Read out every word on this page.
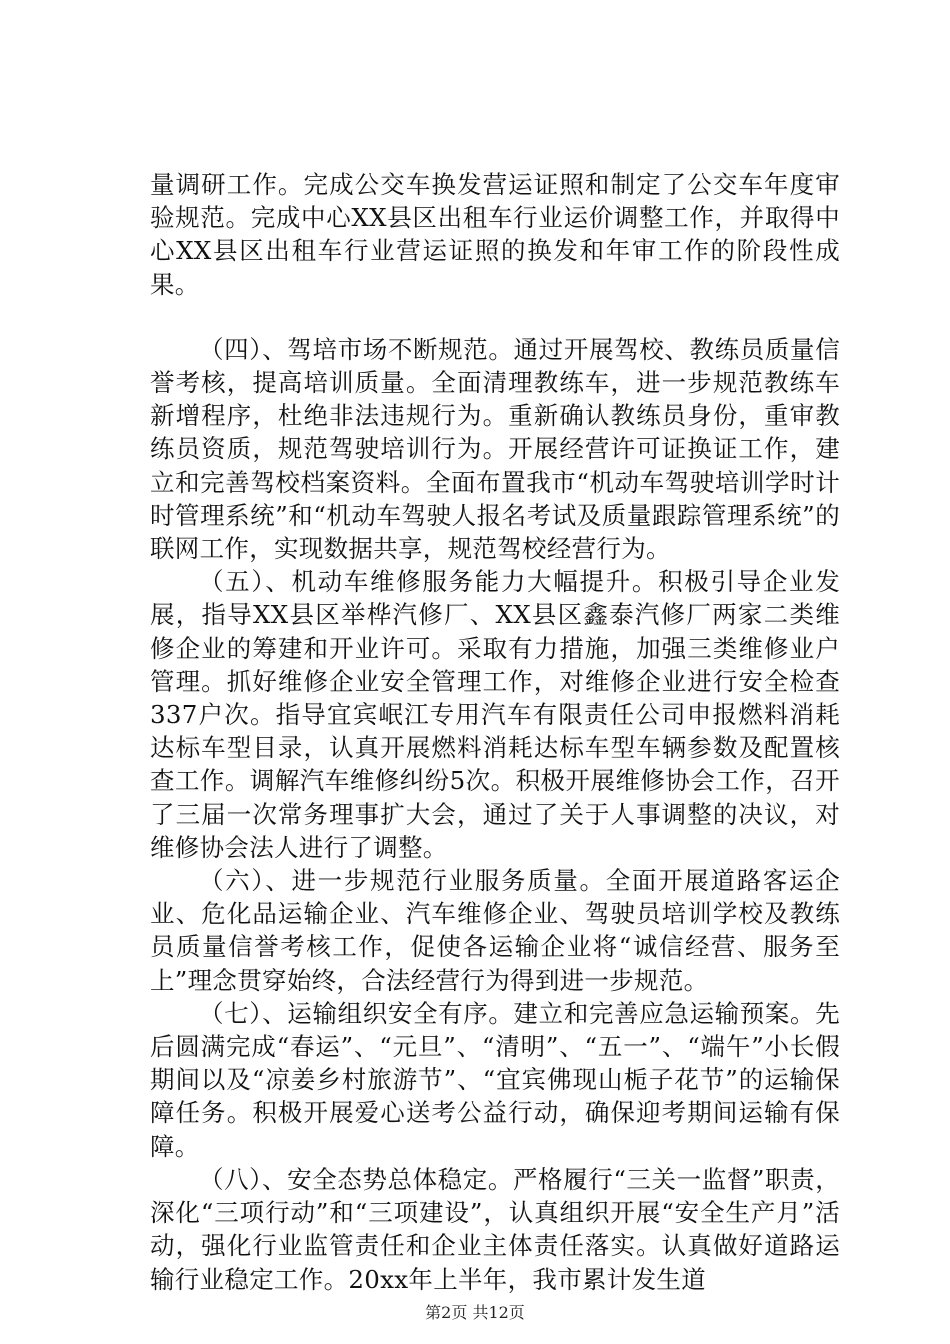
量调研工作。完成公交车换发营运证照和制定了公交车年度审验规范。完成中心XX县区出租车行业运价调整工作，并取得中心XX县区出租车行业营运证照的换发和年审工作的阶段性成果。

（四）、驾培市场不断规范。通过开展驾校、教练员质量信誉考核，提高培训质量。全面清理教练车，进一步规范教练车新增程序，杜绝非法违规行为。重新确认教练员身份，重审教练员资质，规范驾驶培训行为。开展经营许可证换证工作，建立和完善驾校档案资料。全面布置我市“机动车驾驶培训学时计时管理系统”和“机动车驾驶人报名考试及质量跟踪管理系统”的联网工作，实现数据共享，规范驾校经营行为。

（五）、机动车维修服务能力大幅提升。积极引导企业发展，指导XX县区举桦汽修厂、XX县区鑫泰汽修厂两家二类维修企业的筹建和开业许可。采取有力措施，加强三类维修业户管理。抓好维修企业安全管理工作，对维修企业进行安全检查337户次。指导宜宾岷江专用汽车有限责任公司申报燃料消耗达标车型目录，认真开展燃料消耗达标车型车辆参数及配置核查工作。调解汽车维修纠纷5次。积极开展维修协会工作，召开了三届一次常务理事扩大会，通过了关于人事调整的决议，对维修协会法人进行了调整。

（六）、进一步规范行业服务质量。全面开展道路客运企业、危化品运输企业、汽车维修企业、驾驶员培训学校及教练员质量信誉考核工作，促使各运输企业将“诚信经营、服务至上”理念贯穿始终，合法经营行为得到进一步规范。

（七）、运输组织安全有序。建立和完善应急运输预案。先后圆满完成“春运”、“元旦”、“清明”、“五一”、“端午”小长假期间以及“凉姜乡村旅游节”、“宜宾佛现山栀子花节”的运输保障任务。积极开展爱心送考公益行动，确保迎考期间运输有保障。

（八）、安全态势总体稳定。严格履行“三关一监督”职责，深化“三项行动”和“三项建设”，认真组织开展“安全生产月”活动，强化行业监管责任和企业主体责任落实。认真做好道路运输行业稳定工作。20xx年上半年，我市累计发生道

第2页 共12页
